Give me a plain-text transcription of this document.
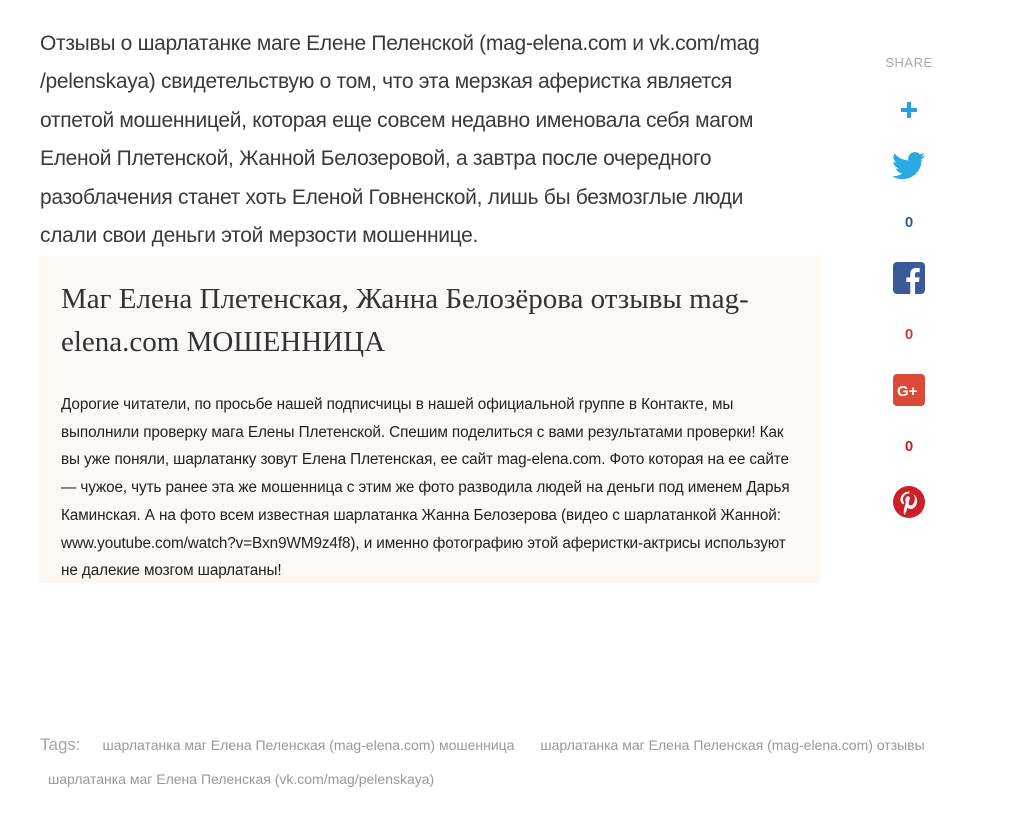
Отзывы о шарлатанке маге Елене Пеленской (mag-elena.com и vk.com/mag /pelenskaya) свидетельствую о том, что эта мерзкая аферистка является отпетой мошенницей, которая еще совсем недавно именовала себя магом Еленой Плетенской, Жанной Белозеровой, а завтра после очередного разоблачения станет хоть Еленой Говненской, лишь бы безмозглые люди слали свои деньги этой мерзости мошеннице.

Маг Елена Плетенская, Жанна Белозёрова отзывы mag-elena.com МОШЕННИЦА

Дорогие читатели, по просьбе нашей подписчицы в нашей официальной группе в Контакте, мы выполнили проверку мага Елены Плетенской. Спешим поделиться с вами результатами проверки! Как вы уже поняли, шарлатанку зовут Елена Плетенская, ее сайт mag-elena.com. Фото которая на ее сайте — чужое, чуть ранее эта же мошенница с этим же фото разводила людей на деньги под именем Дарья Каминская. А на фото всем известная шарлатанка Жанна Белозерова (видео с шарлатанкой Жанной: www.youtube.com/watch?v=Bxn9WM9z4f8), и именно фотографию этой аферистки-актрисы используют не далекие мозгом шарлатаны!

SHARE
0
0
G+
0
Tags: шарлатанка маг Елена Пеленская (mag-elena.com) мошенница шарлатанка маг Елена Пеленская (mag-elena.com) отзывы
шарлатанка маг Елена Пеленская (vk.com/mag/pelenskaya)
